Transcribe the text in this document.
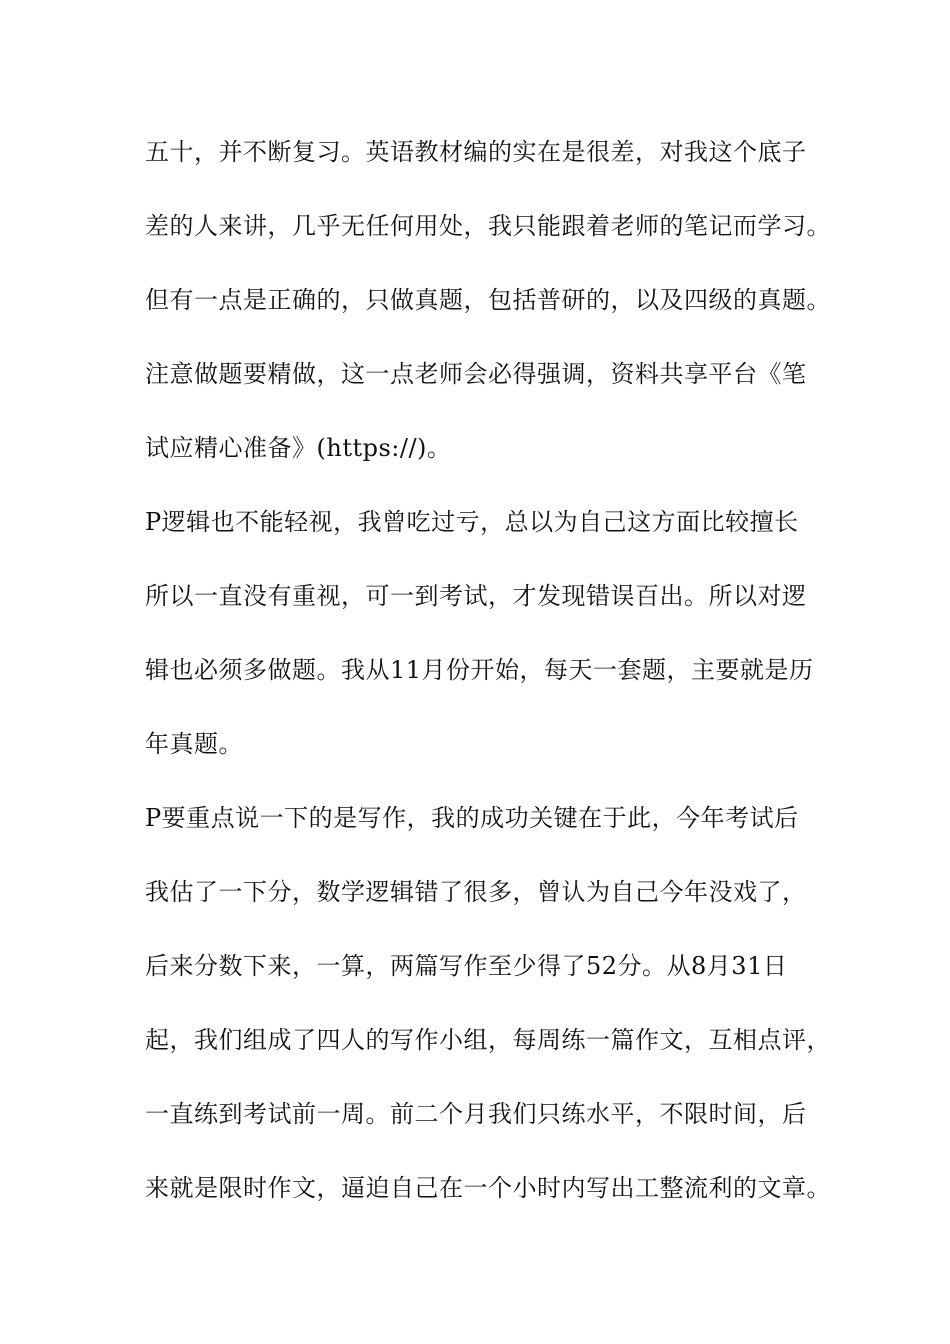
五十，并不断复习。英语教材编的实在是很差，对我这个底子
差的人来讲，几乎无任何用处，我只能跟着老师的笔记而学习。
但有一点是正确的，只做真题，包括普研的，以及四级的真题。
注意做题要精做，这一点老师会必得强调，资料共享平台《笔
试应精心准备》(https://)。
P逻辑也不能轻视，我曾吃过亏，总以为自己这方面比较擅长
所以一直没有重视，可一到考试，才发现错误百出。所以对逻
辑也必须多做题。我从11月份开始，每天一套题，主要就是历
年真题。
P要重点说一下的是写作，我的成功关键在于此，今年考试后
我估了一下分，数学逻辑错了很多，曾认为自己今年没戏了，
后来分数下来，一算，两篇写作至少得了52分。从8月31日
起，我们组成了四人的写作小组，每周练一篇作文，互相点评，
一直练到考试前一周。前二个月我们只练水平，不限时间，后
来就是限时作文，逼迫自己在一个小时内写出工整流利的文章。
